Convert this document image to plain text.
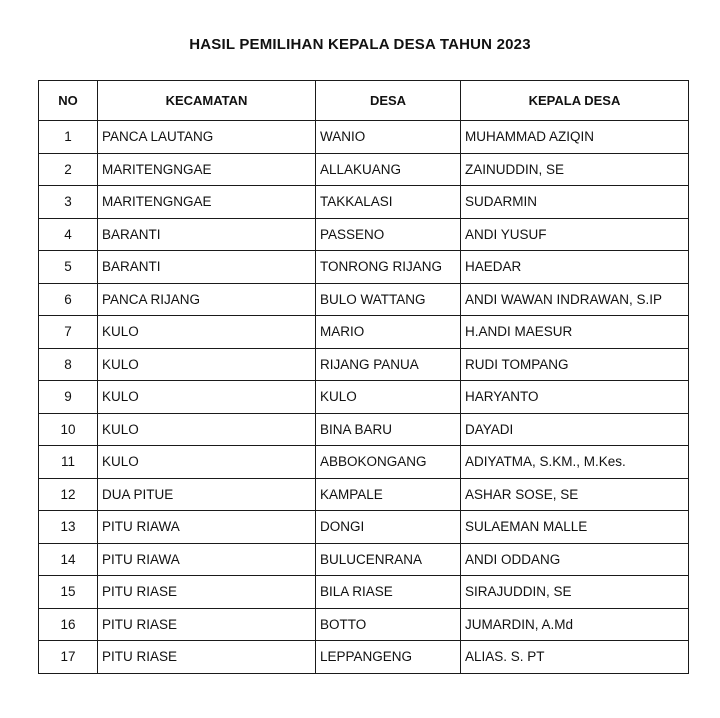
HASIL PEMILIHAN KEPALA DESA TAHUN 2023
NO	KECAMATAN	DESA	KEPALA DESA
1	PANCA LAUTANG	WANIO	MUHAMMAD AZIQIN
2	MARITENGNGAE	ALLAKUANG	ZAINUDDIN, SE
3	MARITENGNGAE	TAKKALASI	SUDARMIN
4	BARANTI	PASSENO	ANDI YUSUF
5	BARANTI	TONRONG RIJANG	HAEDAR
6	PANCA RIJANG	BULO WATTANG	ANDI WAWAN INDRAWAN, S.IP
7	KULO	MARIO	H.ANDI MAESUR
8	KULO	RIJANG PANUA	RUDI TOMPANG
9	KULO	KULO	HARYANTO
10	KULO	BINA BARU	DAYADI
11	KULO	ABBOKONGANG	ADIYATMA, S.KM., M.Kes.
12	DUA PITUE	KAMPALE	ASHAR SOSE, SE
13	PITU RIAWA	DONGI	SULAEMAN MALLE
14	PITU RIAWA	BULUCENRANA	ANDI ODDANG
15	PITU RIASE	BILA RIASE	SIRAJUDDIN, SE
16	PITU RIASE	BOTTO	JUMARDIN, A.Md
17	PITU RIASE	LEPPANGENG	ALIAS. S. PT
